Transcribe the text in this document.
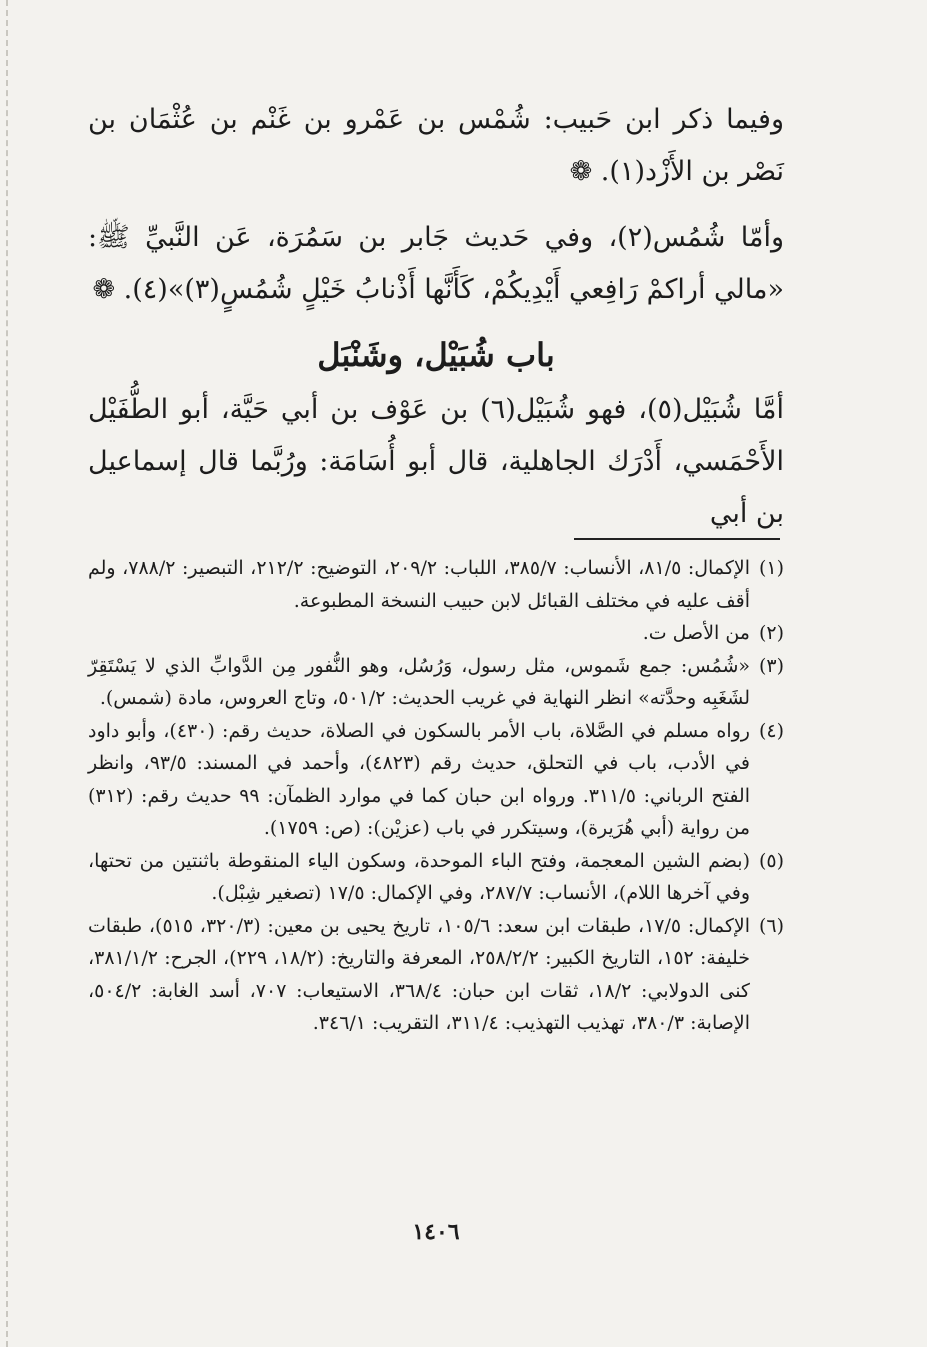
وفيما ذكر ابن حَبيب: شُمْس بن عَمْرو بن غَنْم بن عُثْمَان بن نَصْر بن الأَزْد(١). ❁

وأمّا شُمُس(٢)، وفي حَديث جَابر بن سَمُرَة، عَن النَّبيِّ ﷺ: «مالي أراكمْ رَافِعي أَيْدِيكُمْ، كَأَنَّها أَذْنابُ خَيْلٍ شُمُسٍ(٣)»(٤). ❁

باب شُبَيْل، وشَنْبَل

أمَّا شُبَيْل(٥)، فهو شُبَيْل(٦) بن عَوْف بن أبي حَيَّة، أبو الطُّفَيْل الأَحْمَسي، أَدْرَك الجاهلية، قال أبو أُسَامَة: ورُبَّما قال إسماعيل بن أبي

(١)الإكمال: ٨١/٥، الأنساب: ٣٨٥/٧، اللباب: ٢٠٩/٢، التوضيح: ٢١٢/٢، التبصير: ٧٨٨/٢، ولم أقف عليه في مختلف القبائل لابن حبيب النسخة المطبوعة.
(٢)من الأصل ت.
(٣)«شُمُس: جمع شَموس، مثل رسول، وَرُسُل، وهو النُّفور مِن الدَّوابِّ الذي لا يَسْتَقِرّ لشَغَبِه وحدَّته» انظر النهاية في غريب الحديث: ٥٠١/٢، وتاج العروس، مادة (شمس).
(٤)رواه مسلم في الصَّلاة، باب الأمر بالسكون في الصلاة، حديث رقم: (٤٣٠)، وأبو داود في الأدب، باب في التحلق، حديث رقم (٤٨٢٣)، وأحمد في المسند: ٩٣/٥، وانظر الفتح الرباني: ٣١١/٥. ورواه ابن حبان كما في موارد الظمآن: ٩٩ حديث رقم: (٣١٢) من رواية (أبي هُرَيرة)، وسيتكرر في باب (عزيْن): (ص: ١٧٥٩).
(٥)(بضم الشين المعجمة، وفتح الباء الموحدة، وسكون الياء المنقوطة باثنتين من تحتها، وفي آخرها اللام)، الأنساب: ٢٨٧/٧، وفي الإكمال: ١٧/٥ (تصغير شِبْل).
(٦)الإكمال: ١٧/٥، طبقات ابن سعد: ١٠٥/٦، تاريخ يحيى بن معين: (٣٢٠/٣، ٥١٥)، طبقات خليفة: ١٥٢، التاريخ الكبير: ٢٥٨/٢/٢، المعرفة والتاريخ: (١٨/٢، ٢٢٩)، الجرح: ٣٨١/١/٢، كنى الدولابي: ١٨/٢، ثقات ابن حبان: ٣٦٨/٤، الاستيعاب: ٧٠٧، أسد الغابة: ٥٠٤/٢، الإصابة: ٣٨٠/٣، تهذيب التهذيب: ٣١١/٤، التقريب: ٣٤٦/١.
١٤٠٦
